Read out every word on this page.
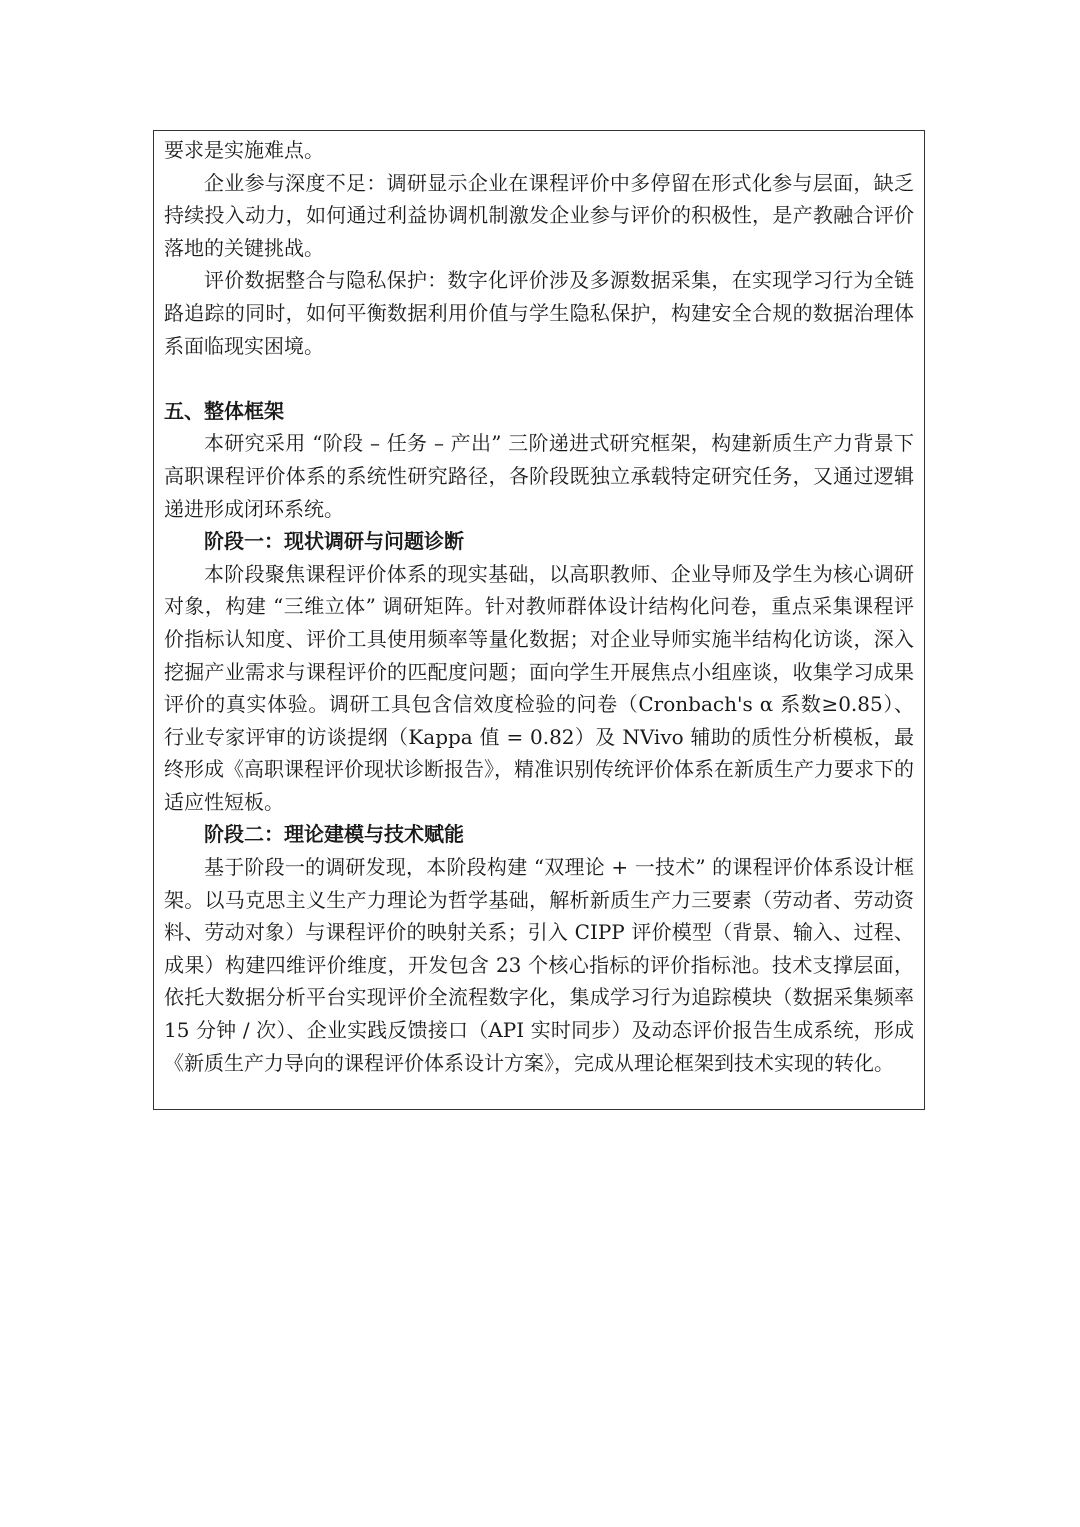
要求是实施难点。

企业参与深度不足：调研显示企业在课程评价中多停留在形式化参与层面，缺乏持续投入动力，如何通过利益协调机制激发企业参与评价的积极性，是产教融合评价落地的关键挑战。

评价数据整合与隐私保护：数字化评价涉及多源数据采集，在实现学习行为全链路追踪的同时，如何平衡数据利用价值与学生隐私保护，构建安全合规的数据治理体系面临现实困境。

五、整体框架

本研究采用 “阶段 – 任务 – 产出” 三阶递进式研究框架，构建新质生产力背景下高职课程评价体系的系统性研究路径，各阶段既独立承载特定研究任务，又通过逻辑递进形成闭环系统。

阶段一：现状调研与问题诊断

本阶段聚焦课程评价体系的现实基础，以高职教师、企业导师及学生为核心调研对象，构建 “三维立体” 调研矩阵。针对教师群体设计结构化问卷，重点采集课程评价指标认知度、评价工具使用频率等量化数据；对企业导师实施半结构化访谈，深入挖掘产业需求与课程评价的匹配度问题；面向学生开展焦点小组座谈，收集学习成果评价的真实体验。调研工具包含信效度检验的问卷（Cronbach's α 系数≥0.85）、行业专家评审的访谈提纲（Kappa 值 = 0.82）及 NVivo 辅助的质性分析模板，最终形成《高职课程评价现状诊断报告》，精准识别传统评价体系在新质生产力要求下的适应性短板。

阶段二：理论建模与技术赋能

基于阶段一的调研发现，本阶段构建 “双理论 + 一技术” 的课程评价体系设计框架。以马克思主义生产力理论为哲学基础，解析新质生产力三要素（劳动者、劳动资料、劳动对象）与课程评价的映射关系；引入 CIPP 评价模型（背景、输入、过程、成果）构建四维评价维度，开发包含 23 个核心指标的评价指标池。技术支撑层面，依托大数据分析平台实现评价全流程数字化，集成学习行为追踪模块（数据采集频率 15 分钟 / 次）、企业实践反馈接口（API 实时同步）及动态评价报告生成系统，形成《新质生产力导向的课程评价体系设计方案》，完成从理论框架到技术实现的转化。
